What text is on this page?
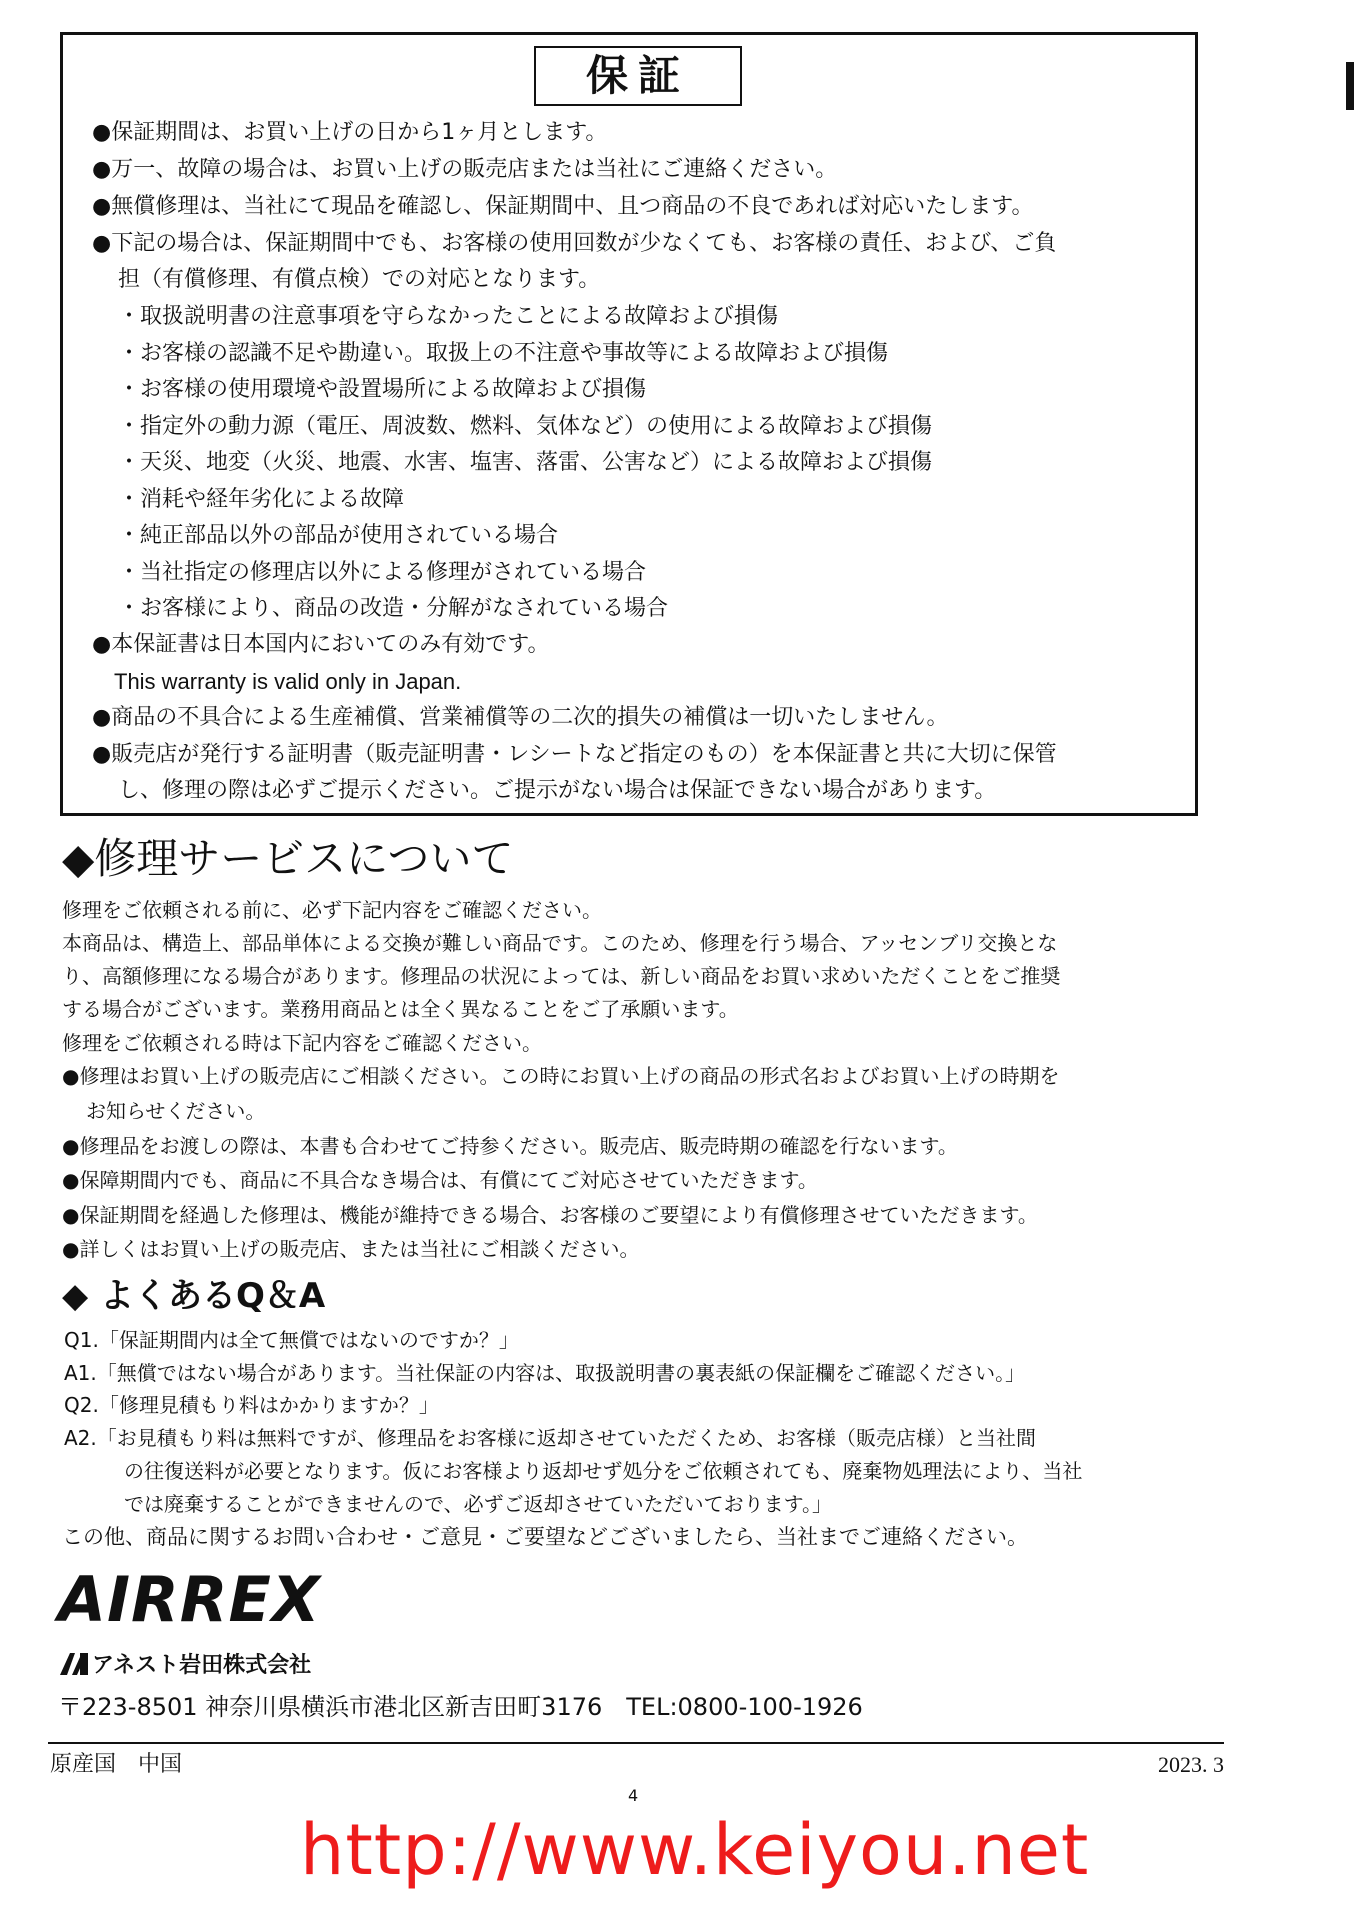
保証
●保証期間は、お買い上げの日から1ヶ月とします。
●万一、故障の場合は、お買い上げの販売店または当社にご連絡ください。
●無償修理は、当社にて現品を確認し、保証期間中、且つ商品の不良であれば対応いたします。
●下記の場合は、保証期間中でも、お客様の使用回数が少なくても、お客様の責任、および、ご負
担（有償修理、有償点検）での対応となります。
・取扱説明書の注意事項を守らなかったことによる故障および損傷
・お客様の認識不足や勘違い。取扱上の不注意や事故等による故障および損傷
・お客様の使用環境や設置場所による故障および損傷
・指定外の動力源（電圧、周波数、燃料、気体など）の使用による故障および損傷
・天災、地変（火災、地震、水害、塩害、落雷、公害など）による故障および損傷
・消耗や経年劣化による故障
・純正部品以外の部品が使用されている場合
・当社指定の修理店以外による修理がされている場合
・お客様により、商品の改造・分解がなされている場合
●本保証書は日本国内においてのみ有効です。
This warranty is valid only in Japan.
●商品の不具合による生産補償、営業補償等の二次的損失の補償は一切いたしません。
●販売店が発行する証明書（販売証明書・レシートなど指定のもの）を本保証書と共に大切に保管
し、修理の際は必ずご提示ください。ご提示がない場合は保証できない場合があります。
◆修理サービスについて
修理をご依頼される前に、必ず下記内容をご確認ください。
本商品は、構造上、部品単体による交換が難しい商品です。このため、修理を行う場合、アッセンブリ交換とな
り、高額修理になる場合があります。修理品の状況によっては、新しい商品をお買い求めいただくことをご推奨
する場合がございます。業務用商品とは全く異なることをご了承願います。
修理をご依頼される時は下記内容をご確認ください。
●修理はお買い上げの販売店にご相談ください。この時にお買い上げの商品の形式名およびお買い上げの時期を
お知らせください。
●修理品をお渡しの際は、本書も合わせてご持参ください。販売店、販売時期の確認を行ないます。
●保障期間内でも、商品に不具合なき場合は、有償にてご対応させていただきます。
●保証期間を経過した修理は、機能が維持できる場合、お客様のご要望により有償修理させていただきます。
●詳しくはお買い上げの販売店、または当社にご相談ください。
◆ よくあるQ＆A
Q1.「保証期間内は全て無償ではないのですか？」
A1.「無償ではない場合があります。当社保証の内容は、取扱説明書の裏表紙の保証欄をご確認ください。」
Q2.「修理見積もり料はかかりますか？」
A2.「お見積もり料は無料ですが、修理品をお客様に返却させていただくため、お客様（販売店様）と当社間
の往復送料が必要となります。仮にお客様より返却せず処分をご依頼されても、廃棄物処理法により、当社
では廃棄することができませんので、必ずご返却させていただいております。」
この他、商品に関するお問い合わせ・ご意見・ご要望などございましたら、当社までご連絡ください。
AIRREX
アネスト岩田株式会社
〒223-8501 神奈川県横浜市港北区新吉田町3176　TEL:0800-100-1926
原産国　中国	2023. 3
4
http://www.keiyou.net
